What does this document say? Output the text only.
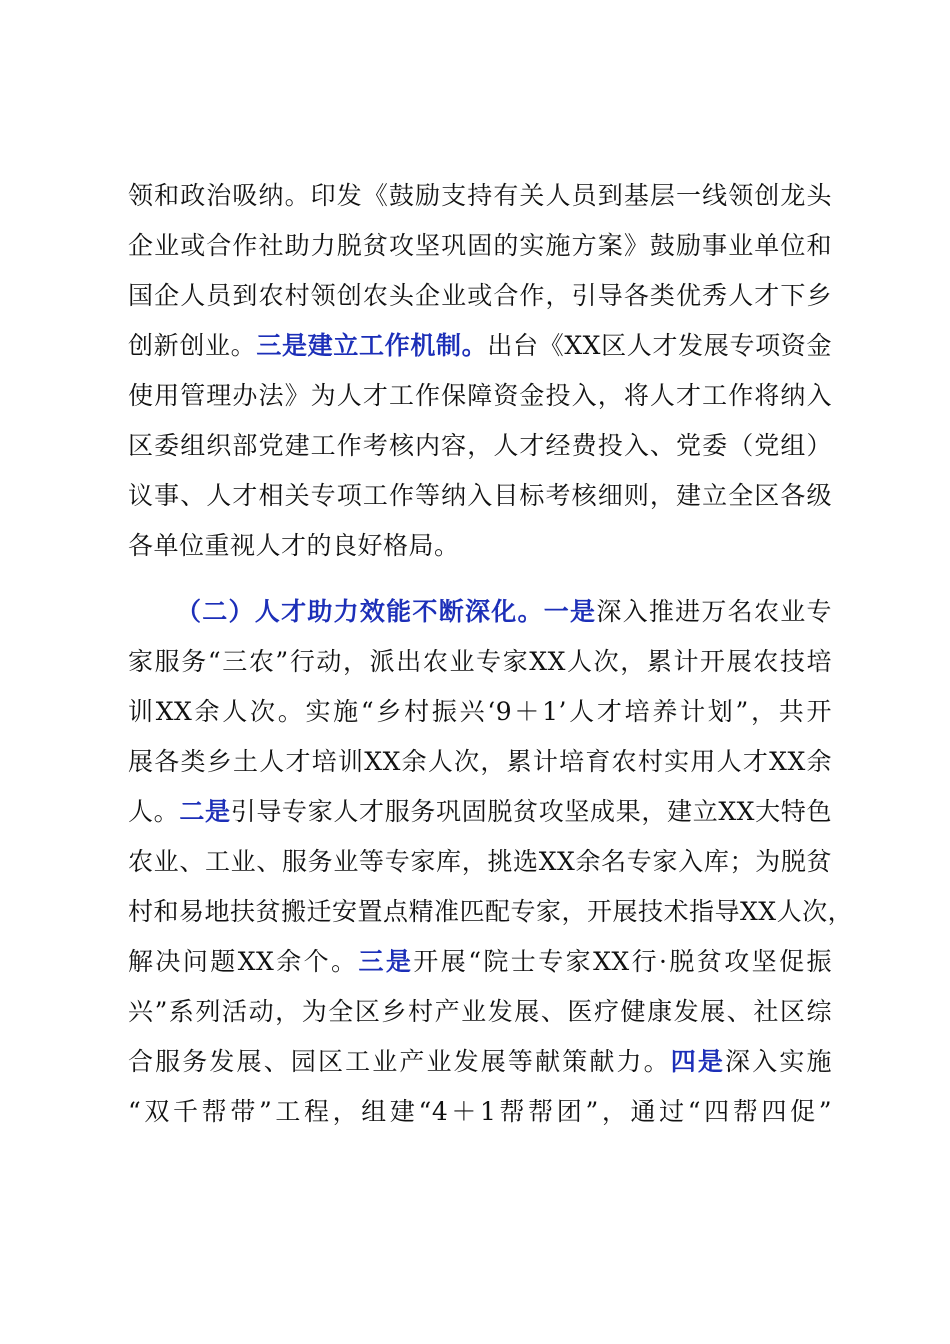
领和政治吸纳。印发《鼓励支持有关人员到基层一线领创龙头
企业或合作社助力脱贫攻坚巩固的实施方案》鼓励事业单位和
国企人员到农村领创农头企业或合作，引导各类优秀人才下乡
创新创业。三是建立工作机制。出台《XX区人才发展专项资金
使用管理办法》为人才工作保障资金投入，将人才工作将纳入
区委组织部党建工作考核内容，人才经费投入、党委（党组）
议事、人才相关专项工作等纳入目标考核细则，建立全区各级
各单位重视人才的良好格局。
（二）人才助力效能不断深化。一是深入推进万名农业专
家服务“三农”行动，派出农业专家XX人次，累计开展农技培
训XX余人次。实施“乡村振兴‘9＋1’人才培养计划”，共开
展各类乡土人才培训XX余人次，累计培育农村实用人才XX余
人。二是引导专家人才服务巩固脱贫攻坚成果，建立XX大特色
农业、工业、服务业等专家库，挑选XX余名专家入库；为脱贫
村和易地扶贫搬迁安置点精准匹配专家，开展技术指导XX人次，
解决问题XX余个。三是开展“院士专家XX行·脱贫攻坚促振
兴”系列活动，为全区乡村产业发展、医疗健康发展、社区综
合服务发展、园区工业产业发展等献策献力。四是深入实施
“双千帮带”工程，组建“4＋1帮帮团”，通过“四帮四促”
